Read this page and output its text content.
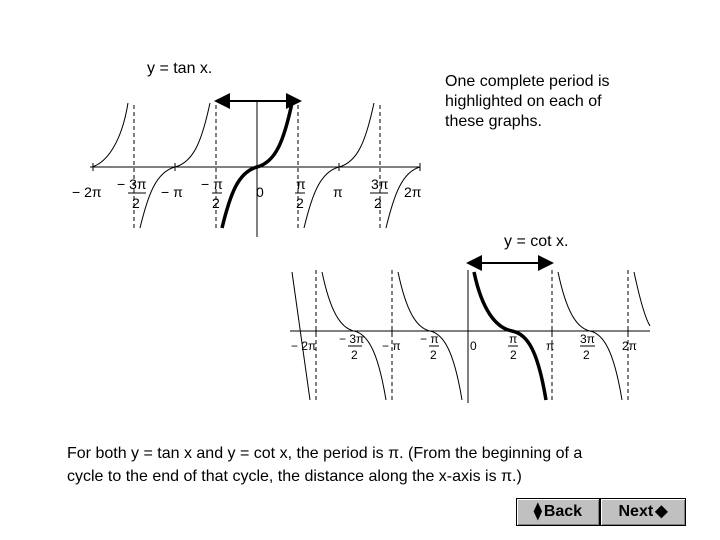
y = tan x.
One complete period is
highlighted on each of
these graphs.
y = cot x.
− 2π − 3π
2
− π − π
2
0 π
2
π 3π
2
2π
− 2π − 3π
2
− π − π
2
0	π
2
π 3π
2
2π
For both y = tan x and y = cot x, the period is π. (From the beginning of a
cycle to the end of that cycle, the distance along the x-axis is π.)
⧫ Back Next ◆
